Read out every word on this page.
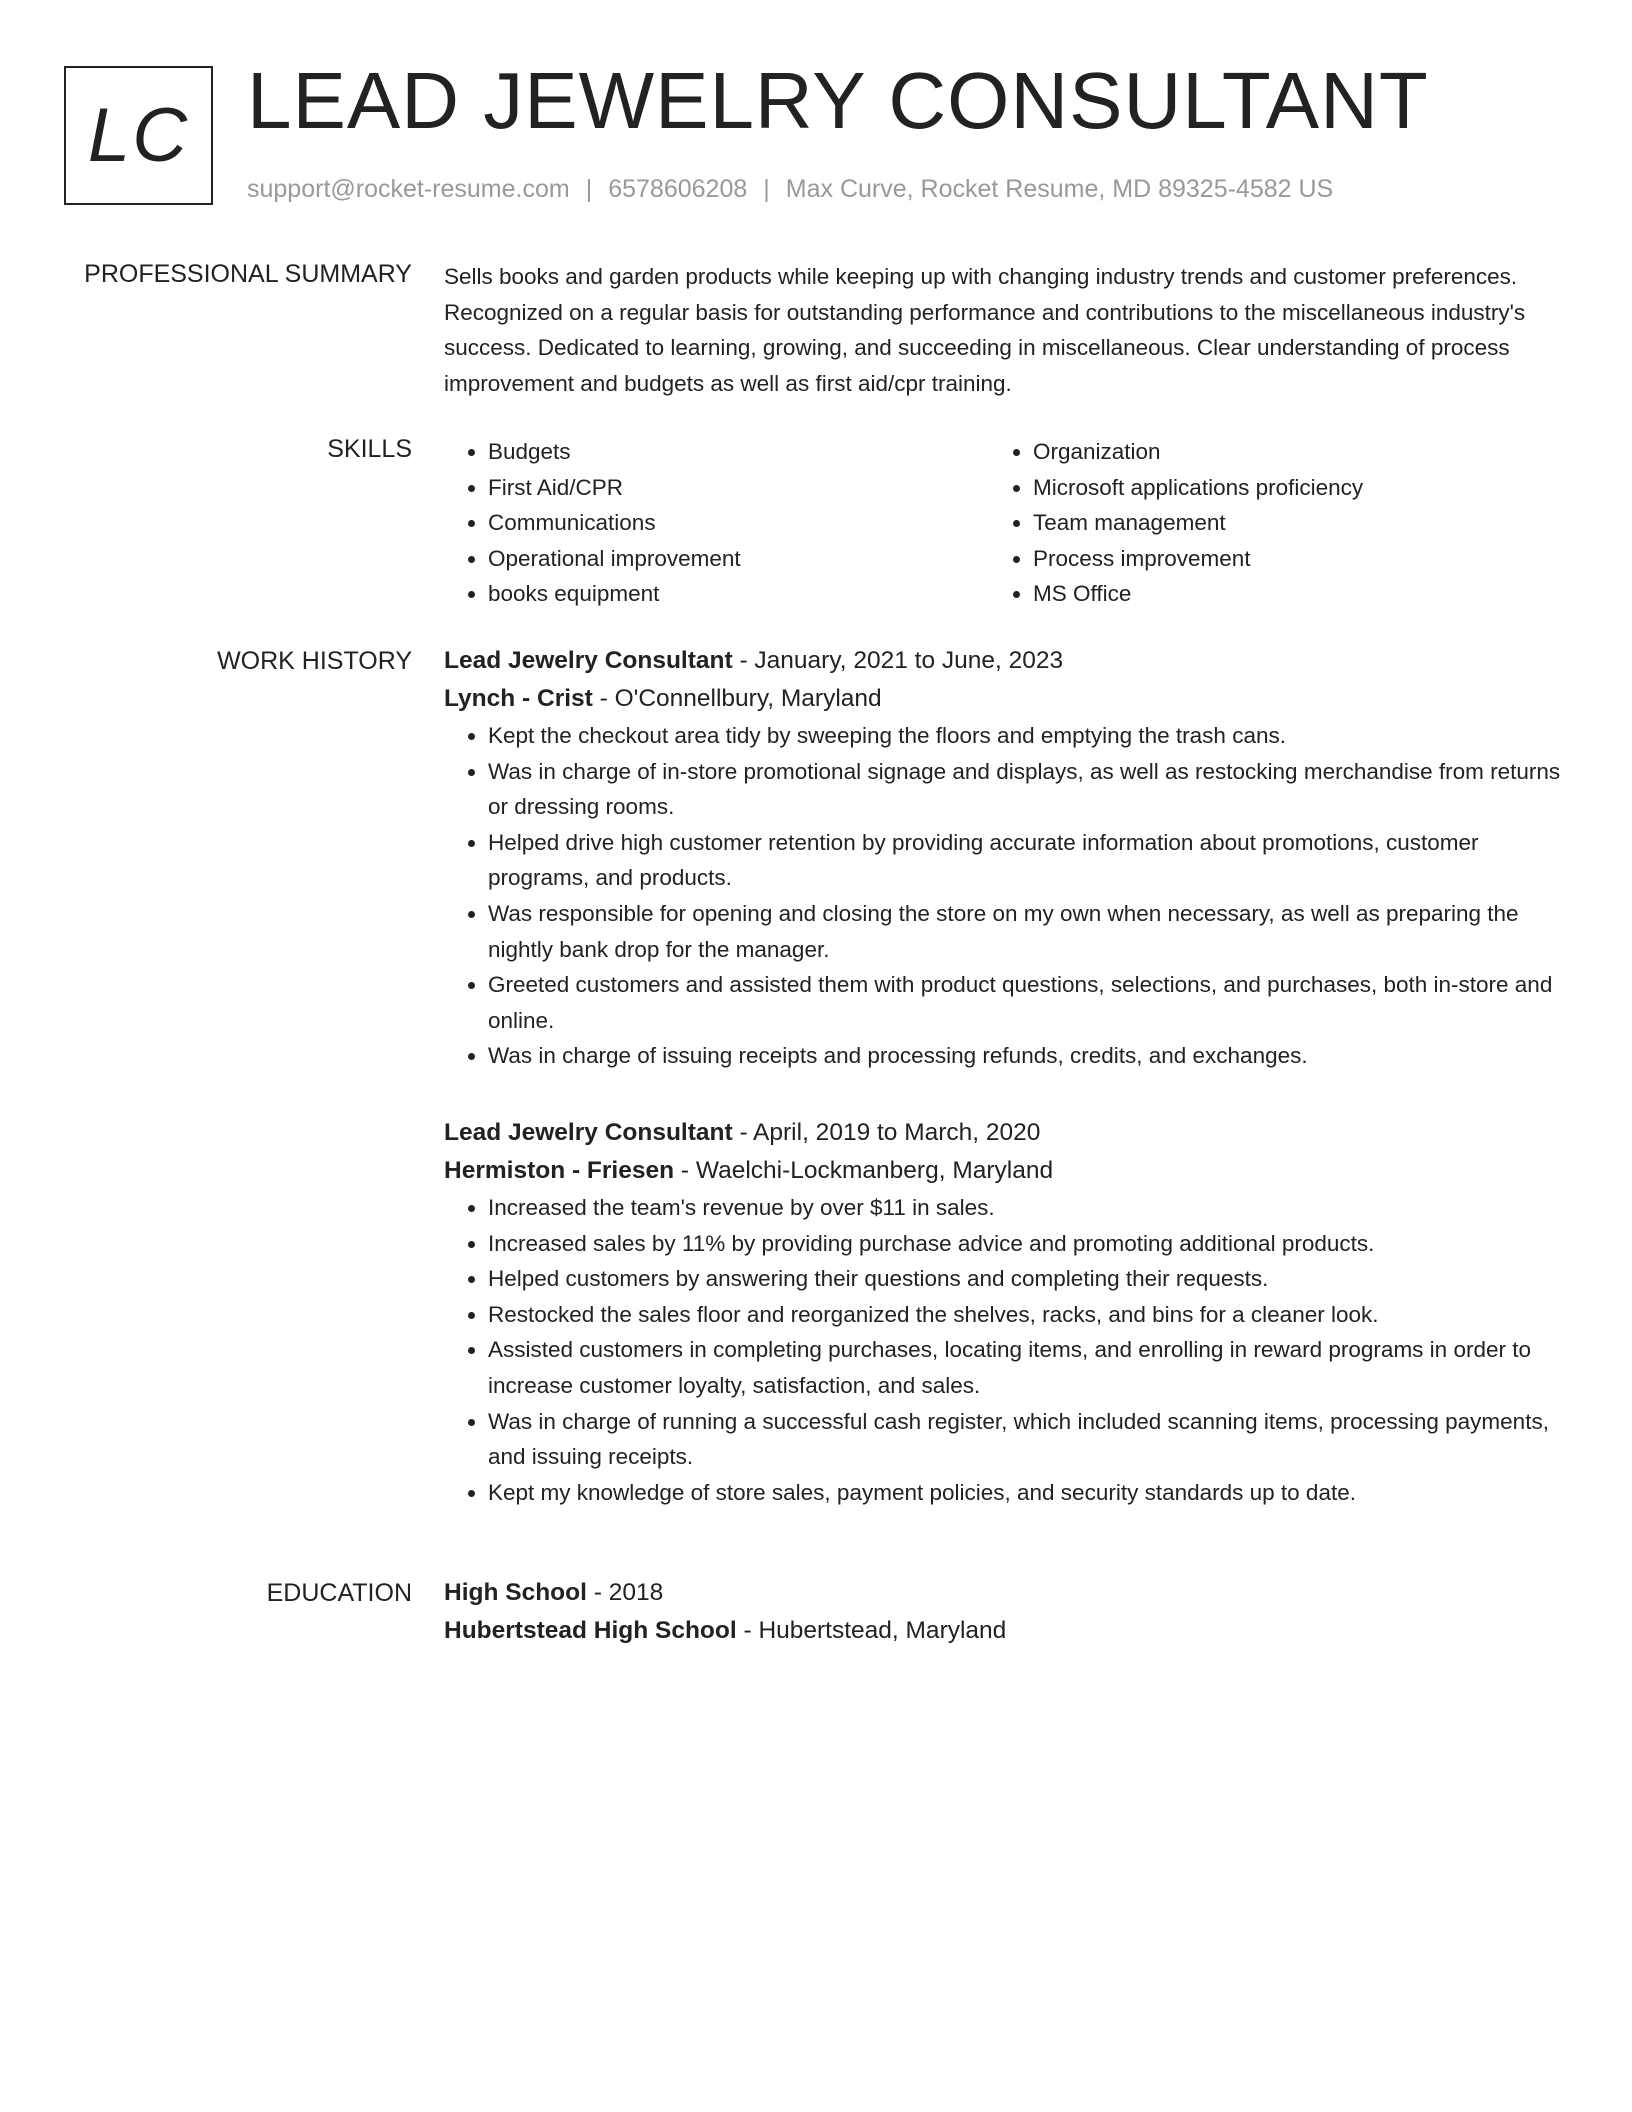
LC LEAD JEWELRY CONSULTANT
support@rocket-resume.com | 6578606208 | Max Curve, Rocket Resume, MD 89325-4582 US
PROFESSIONAL SUMMARY Sells books and garden products while keeping up with changing industry trends and customer preferences. Recognized on a regular basis for outstanding performance and contributions to the miscellaneous industry's success. Dedicated to learning, growing, and succeeding in miscellaneous. Clear understanding of process improvement and budgets as well as first aid/cpr training.

SKILLS
•	Budgets
• First Aid/CPR
• Communications
• Operational improvement
• books equipment
• Organization
• Microsoft applications proficiency
• Team management
• Process improvement
• MS Office
WORK HISTORY Lead Jewelry Consultant - January, 2021 to June, 2023
Lynch - Crist - O'Connellbury, Maryland
• Kept the checkout area tidy by sweeping the floors and emptying the trash cans.
• Was in charge of in-store promotional signage and displays, as well as restocking merchandise from returns or dressing rooms.
• Helped drive high customer retention by providing accurate information about promotions, customer programs, and products.
• Was responsible for opening and closing the store on my own when necessary, as well as preparing the nightly bank drop for the manager.
• Greeted customers and assisted them with product questions, selections, and purchases, both in-store and online.
• Was in charge of issuing receipts and processing refunds, credits, and exchanges.
Lead Jewelry Consultant - April, 2019 to March, 2020
Hermiston - Friesen - Waelchi-Lockmanberg, Maryland
• Increased the team's revenue by over $11 in sales.
• Increased sales by 11% by providing purchase advice and promoting additional products.
• Helped customers by answering their questions and completing their requests.
• Restocked the sales floor and reorganized the shelves, racks, and bins for a cleaner look.
• Assisted customers in completing purchases, locating items, and enrolling in reward programs in order to increase customer loyalty, satisfaction, and sales.
• Was in charge of running a successful cash register, which included scanning items, processing payments, and issuing receipts.
• Kept my knowledge of store sales, payment policies, and security standards up to date.
EDUCATION High School - 2018
Hubertstead High School - Hubertstead, Maryland
